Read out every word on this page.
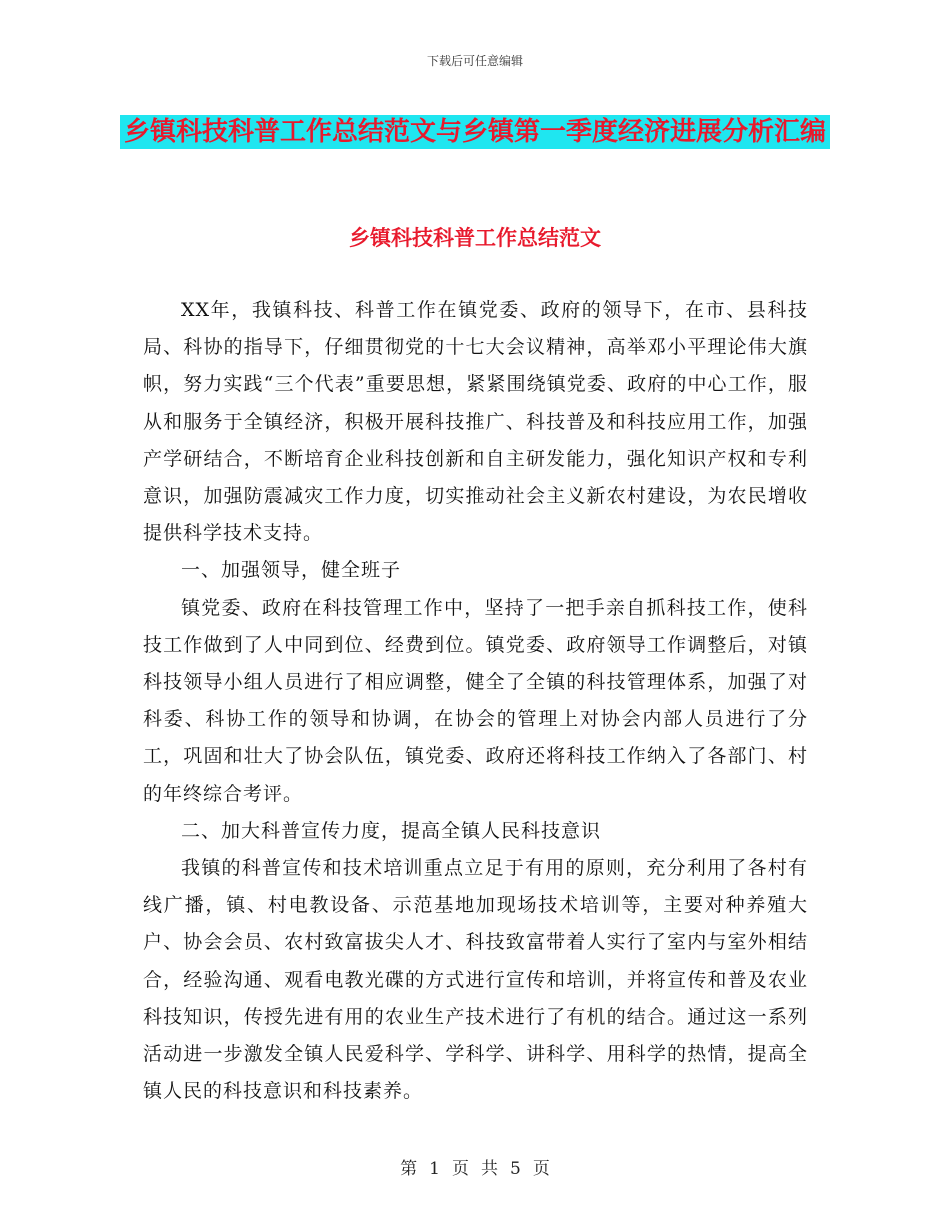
下载后可任意编辑
乡镇科技科普工作总结范文与乡镇第一季度经济进展分析汇编
乡镇科技科普工作总结范文

XX年，我镇科技、科普工作在镇党委、政府的领导下，在市、县科技局、科协的指导下，仔细贯彻党的十七大会议精神，高举邓小平理论伟大旗帜，努力实践“三个代表”重要思想，紧紧围绕镇党委、政府的中心工作，服从和服务于全镇经济，积极开展科技推广、科技普及和科技应用工作，加强产学研结合，不断培育企业科技创新和自主研发能力，强化知识产权和专利意识，加强防震减灾工作力度，切实推动社会主义新农村建设，为农民增收提供科学技术支持。

一、加强领导，健全班子

镇党委、政府在科技管理工作中，坚持了一把手亲自抓科技工作，使科技工作做到了人中同到位、经费到位。镇党委、政府领导工作调整后，对镇科技领导小组人员进行了相应调整，健全了全镇的科技管理体系，加强了对科委、科协工作的领导和协调，在协会的管理上对协会内部人员进行了分工，巩固和壮大了协会队伍，镇党委、政府还将科技工作纳入了各部门、村的年终综合考评。

二、加大科普宣传力度，提高全镇人民科技意识

我镇的科普宣传和技术培训重点立足于有用的原则，充分利用了各村有线广播，镇、村电教设备、示范基地加现场技术培训等，主要对种养殖大户、协会会员、农村致富拔尖人才、科技致富带着人实行了室内与室外相结合，经验沟通、观看电教光碟的方式进行宣传和培训，并将宣传和普及农业科技知识，传授先进有用的农业生产技术进行了有机的结合。通过这一系列活动进一步激发全镇人民爱科学、学科学、讲科学、用科学的热情，提高全镇人民的科技意识和科技素养。

第 1 页 共 5 页
